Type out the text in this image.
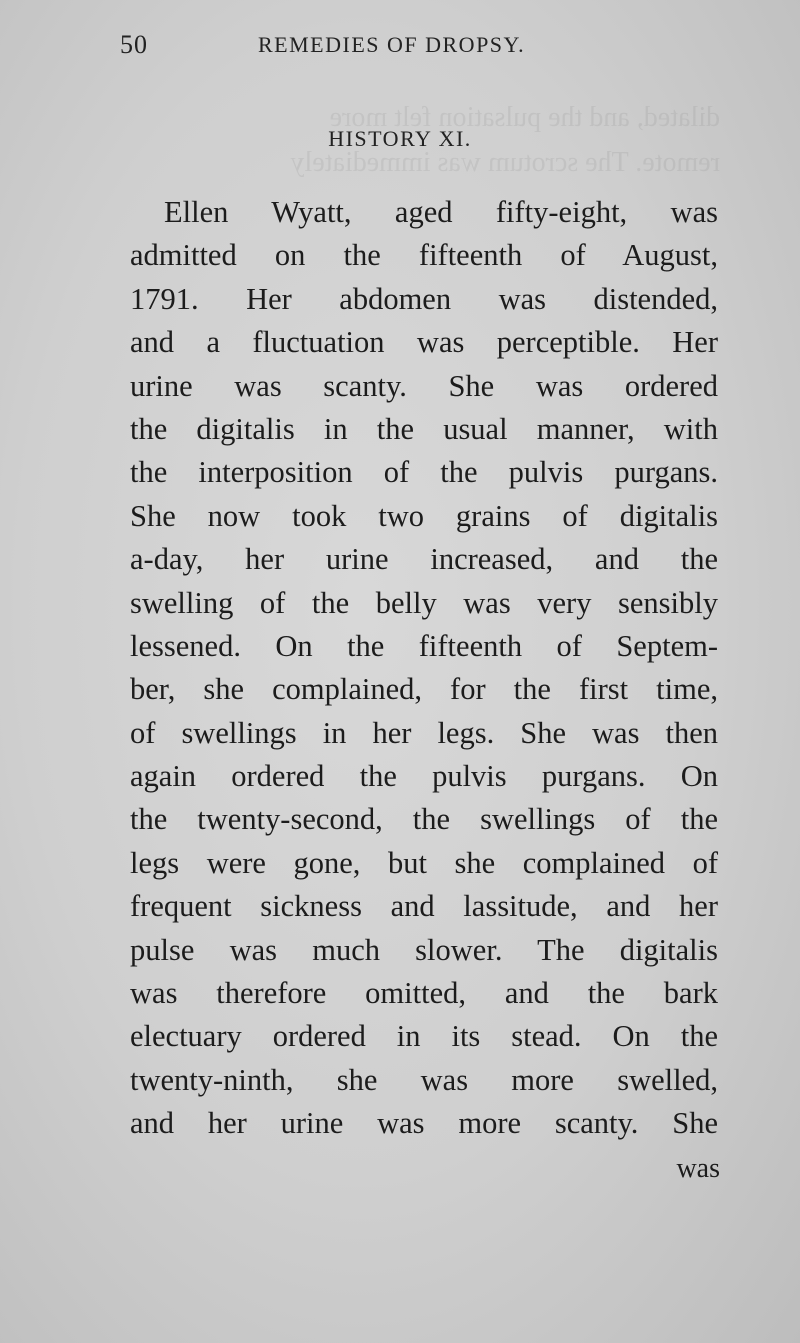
dilated, and the pulsation felt more
remote. The scrotum was immediately

50	REMEDIES OF DROPSY.
HISTORY XI.
Ellen Wyatt, aged fifty-eight, was
admitted on the fifteenth of August,
1791. Her abdomen was distended,
and a fluctuation was perceptible. Her
urine was scanty. She was ordered
the digitalis in the usual manner, with
the interposition of the pulvis purgans.
She now took two grains of digitalis
a-day, her urine increased, and the
swelling of the belly was very sensibly
lessened. On the fifteenth of Septem-
ber, she complained, for the first time,
of swellings in her legs. She was then
again ordered the pulvis purgans. On
the twenty-second, the swellings of the
legs were gone, but she complained of
frequent sickness and lassitude, and her
pulse was much slower. The digitalis
was therefore omitted, and the bark
electuary ordered in its stead. On the
twenty-ninth, she was more swelled,
and her urine was more scanty. She
was
